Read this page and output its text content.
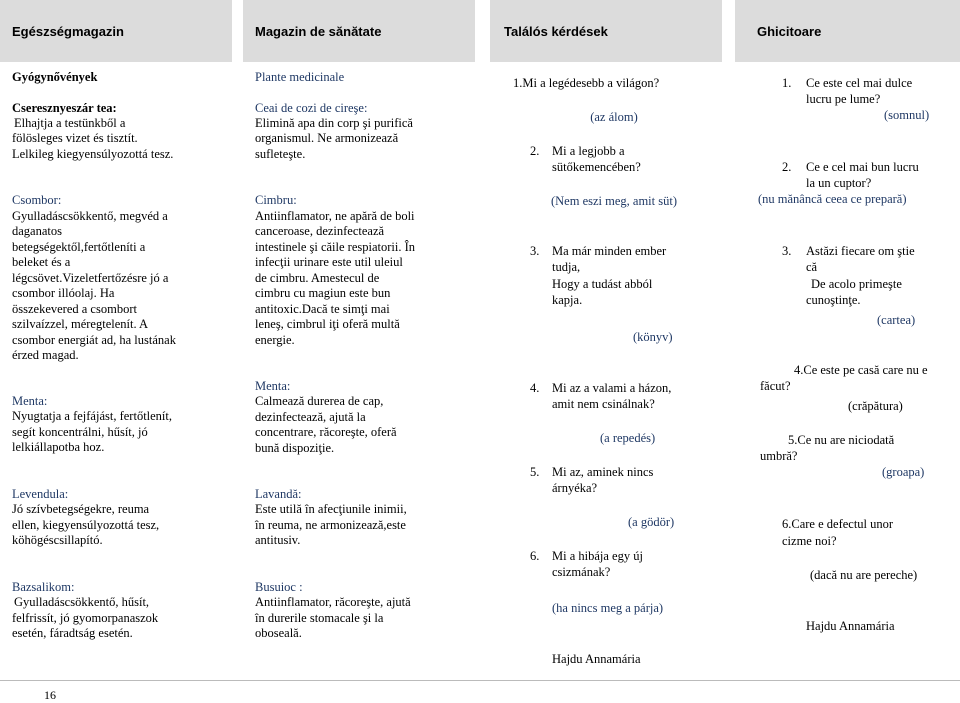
Egészségmagazin	Magazin de sănătate	Találós kérdések	Ghicitoare
Gyógynővények
Cseresznyeszár tea:
Elhajtja a testünkből a
fölösleges vizet és tisztít.
Lelkileg kiegyensúlyozottá tesz.
Csombor:
Gyulladáscsökkentő, megvéd a
daganatos
betegségektől,fertőtleníti a
beleket és a
légcsövet.Vizeletfertőzésre jó a
csombor illóolaj. Ha
összekevered a csombort
szilvaízzel, méregtelenít. A
csombor energiát ad, ha lustának
érzed magad.
Menta:
Nyugtatja a fejfájást, fertőtlenít,
segít koncentrálni, hűsít, jó
lelkiállapotba hoz.
Levendula:
Jó szívbetegségekre, reuma
ellen, kiegyensúlyozottá tesz,
köhögéscsillapító.
Bazsalikom:
Gyulladáscsökkentő, hűsít,
felfrissít, jó gyomorpanaszok
esetén, fáradtság esetén.
Plante medicinale
Ceai de cozi de cireşe:
Elimină apa din corp şi purifică
organismul. Ne armonizează
sufleteşte.
Cimbru:
Antiinflamator, ne apără de boli
canceroase, dezinfectează
intestinele şi căile respiatorii. În
infecţii urinare este util uleiul
de cimbru. Amestecul de
cimbru cu magiun este bun
antitoxic.Dacă te simţi mai
leneş, cimbrul iţi oferă multă
energie.
Menta:
Calmează durerea de cap,
dezinfectează, ajută la
concentrare, răcoreşte, oferă
bună dispoziţie.
Lavandă:
Este utilă în afecţiunile inimii,
în reuma, ne armonizează,este
antitusiv.
Busuioc :
Antiinflamator, răcoreşte, ajută
în durerile stomacale şi la
oboseală.
1.Mi a legédesebb a világon?
(az álom)
2. Mi a legjobb a
sütőkemencében?
(Nem eszi meg, amit süt)
3. Ma már minden ember
tudja,
Hogy a tudást abból
kapja.
(könyv)
4. Mi az a valami a házon,
amit nem csinálnak?
(a repedés)
5. Mi az, aminek nincs
árnyéka?
(a gödör)
6. Mi a hibája egy új
csizmának?
(ha nincs meg a párja)
Hajdu Annamária
1. Ce este cel mai dulce
lucru pe lume?
(somnul)
2. Ce e cel mai bun lucru
la un cuptor?
(nu mănâncă ceea ce prepară)
3. Astăzi fiecare om ştie
că
De acolo primeşte
cunoştinţe.
(cartea)
4.Ce este pe casă care nu e
făcut?
(crăpătura)
5.Ce nu are niciodată
umbră?
(groapa)
6.Care e defectul unor
cizme noi?
(dacă nu are pereche)
Hajdu Annamária
16
